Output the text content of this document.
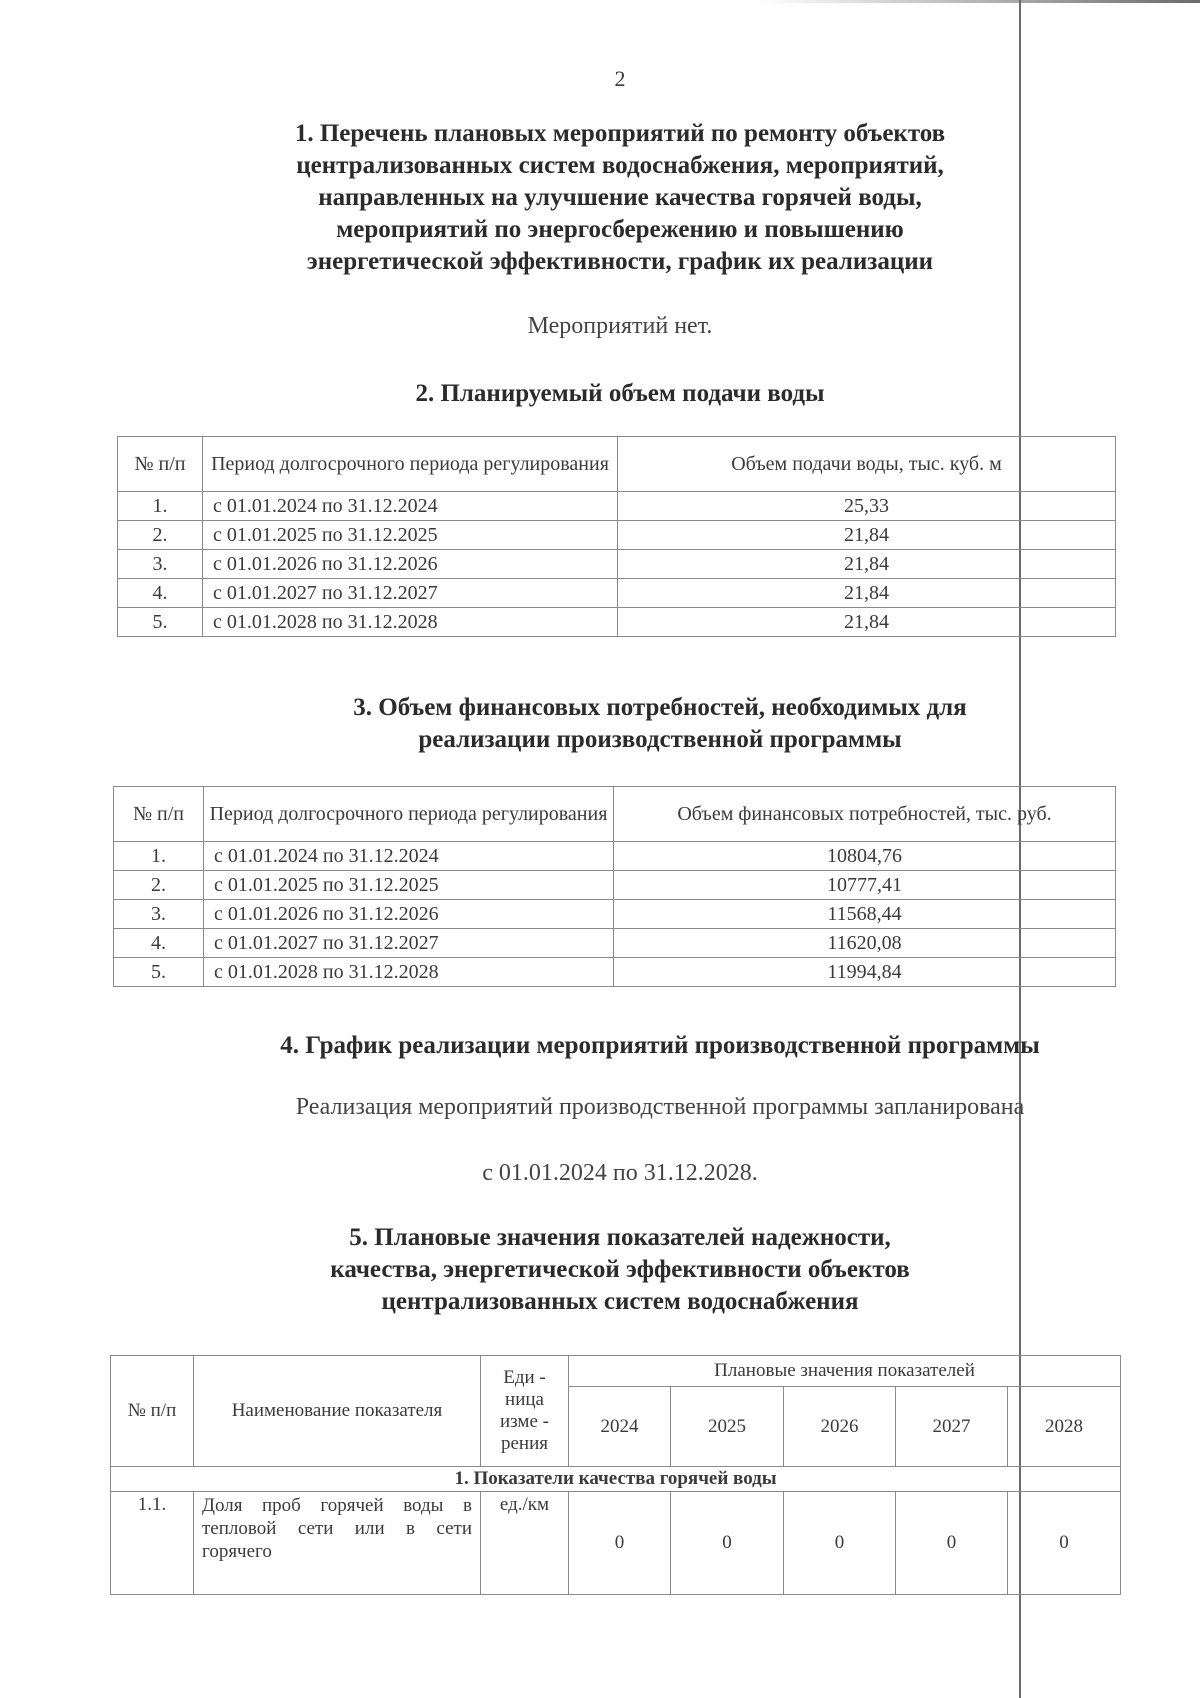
2
1. Перечень плановых мероприятий по ремонту объектов
централизованных систем водоснабжения, мероприятий,
направленных на улучшение качества горячей воды,
мероприятий по энергосбережению и повышению
энергетической эффективности, график их реализации
Мероприятий нет.
2. Планируемый объем подачи воды
№ п/п	Период долгосрочного периода регулирования	Объем подачи воды, тыс. куб. м
1.	с 01.01.2024 по 31.12.2024	25,33
2.	с 01.01.2025 по 31.12.2025	21,84
3.	с 01.01.2026 по 31.12.2026	21,84
4.	с 01.01.2027 по 31.12.2027	21,84
5.	с 01.01.2028 по 31.12.2028	21,84
3. Объем финансовых потребностей, необходимых для
реализации производственной программы
№ п/п	Период долгосрочного периода регулирования	Объем финансовых потребностей, тыс. руб.
1.	с 01.01.2024 по 31.12.2024	10804,76
2.	с 01.01.2025 по 31.12.2025	10777,41
3.	с 01.01.2026 по 31.12.2026	11568,44
4.	с 01.01.2027 по 31.12.2027	11620,08
5.	с 01.01.2028 по 31.12.2028	11994,84
4. График реализации мероприятий производственной программы
Реализация мероприятий производственной программы запланирована
с 01.01.2024 по 31.12.2028.
5. Плановые значения показателей надежности,
качества, энергетической эффективности объектов
централизованных систем водоснабжения
№ п/п	Наименование показателя	Еди - ница изме - рения	Плановые значения показателей				
			2024	2025	2026	2027	2028
1. Показатели качества горячей воды							
1.1.	Доля проб горячей воды в тепловой сети или в сети горячего	ед./км	0	0	0	0	0
